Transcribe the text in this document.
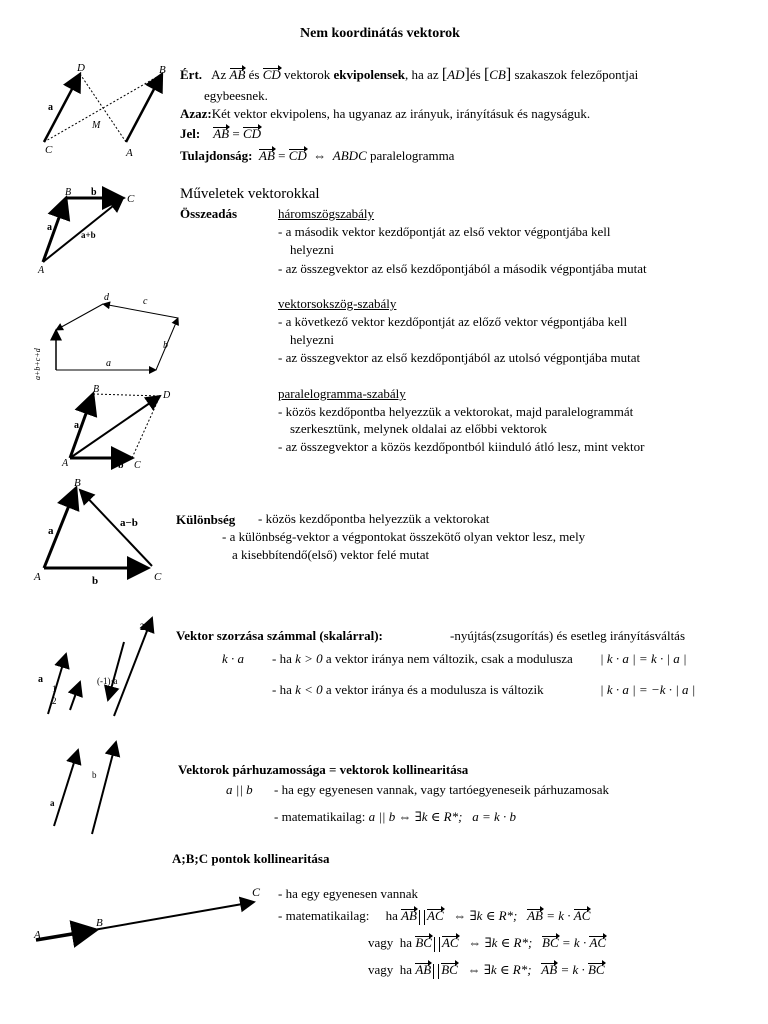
Nem koordinátás vektorok
D	B
M
C	A
a
Ért. Az AB és CD vektorok ekvipolensek, ha az [AD]és [CB] szakaszok felezőpontjai
egybeesnek.
Azaz:Két vektor ekvipolens, ha ugyanaz az irányuk, irányításuk és nagyságuk.
Jel: AB = CD
Tulajdonság: AB = CD ⇔ ABDC paralelogramma
B b
C
a
a+b
A
Műveletek vektorokkal
Összeadás	háromszögszabály
- a második vektor kezdőpontját az első vektor végpontjába kell
helyezni
- az összegvektor az első kezdőpontjából a második végpontjába mutat
d	c
b
a
a+b+c+d
vektorsokszög-szabály
- a következő vektor kezdőpontját az előző vektor végpontjába kell
helyezni
- az összegvektor az első kezdőpontjából az utolsó végpontjába mutat
B
D
a
A	b C
paralelogramma-szabály
- közös kezdőpontba helyezzük a vektorokat, majd paralelogrammát
szerkesztünk, melynek oldalai az előbbi vektorok
- az összegvektor a közös kezdőpontból kiinduló átló lesz, mint vektor
B
a−b
a
A	b	C
Különbség - közös kezdőpontba helyezzük a vektorokat
- a különbség-vektor a végpontokat összekötő olyan vektor lesz, mely
a kisebbítendő(első) vektor felé mutat
a
1
2
(-1)·a
2a
Vektor szorzása számmal (skalárral):	-nyújtás(zsugorítás) és esetleg irányításváltás
k · a - ha k > 0 a vektor iránya nem változik, csak a modulusza | k · a | = k · | a |
- ha k < 0 a vektor iránya és a modulusza is változik	| k · a | = −k · | a |
a
b	Vektorok párhuzamossága = vektorok kollinearitása
a || b - ha egy egyenesen vannak, vagy tartóegyeneseik párhuzamosak
- matematikailag: a || b ⇔ ∃k ∈ R*; a = k · b
A;B;C pontok kollinearitása
A
B
C - ha egy egyenesen vannak
- matematikailag: ha AB AC ⇔ ∃k ∈ R*; AB = k · AC
vagy ha BC AC ⇔ ∃k ∈ R*; BC = k · AC
vagy ha AB BC ⇔ ∃k ∈ R*; AB = k · BC
